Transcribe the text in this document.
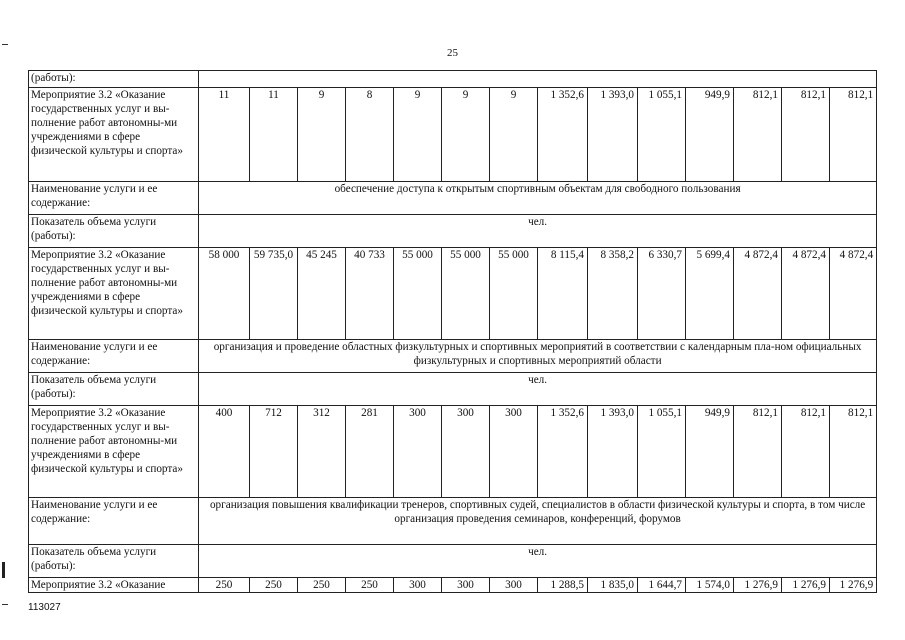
25
(работы):														
Мероприятие 3.2 «Оказание государственных услуг и вы-полнение работ автономны-ми учреждениями в сфере физической культуры и спорта»	11	11	9	8	9	9	9	1 352,6	1 393,0	1 055,1	949,9	812,1	812,1	812,1
Наименование услуги и ее содержание:	обеспечение доступа к открытым спортивным объектам для свободного пользования													
Показатель объема услуги (работы):	чел.													
Мероприятие 3.2 «Оказание государственных услуг и вы-полнение работ автономны-ми учреждениями в сфере физической культуры и спорта»	58 000	59 735,0	45 245	40 733	55 000	55 000	55 000	8 115,4	8 358,2	6 330,7	5 699,4	4 872,4	4 872,4	4 872,4
Наименование услуги и ее содержание:	организация и проведение областных физкультурных и спортивных мероприятий в соответствии с календарным пла-ном официальных физкультурных и спортивных мероприятий области													
Показатель объема услуги (работы):	чел.													
Мероприятие 3.2 «Оказание государственных услуг и вы-полнение работ автономны-ми учреждениями в сфере физической культуры и спорта»	400	712	312	281	300	300	300	1 352,6	1 393,0	1 055,1	949,9	812,1	812,1	812,1
Наименование услуги и ее содержание:	организация повышения квалификации тренеров, спортивных судей, специалистов в области физической культуры и спорта, в том числе организация проведения семинаров, конференций, форумов													
Показатель объема услуги (работы):	чел.													
Мероприятие 3.2 «Оказание	250	250	250	250	300	300	300	1 288,5	1 835,0	1 644,7	1 574,0	1 276,9	1 276,9	1 276,9
113027
